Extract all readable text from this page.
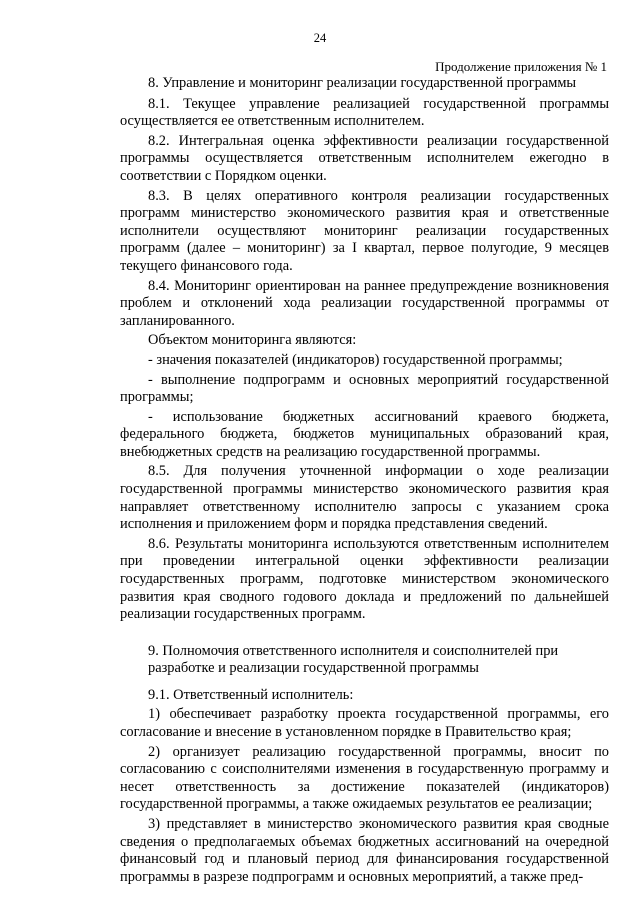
24
Продолжение приложения № 1

8. Управление и мониторинг реализации государственной программы

8.1. Текущее управление реализацией государственной программы осуществляется ее ответственным исполнителем.

8.2. Интегральная оценка эффективности реализации государственной программы осуществляется ответственным исполнителем ежегодно в соответствии с Порядком оценки.

8.3. В целях оперативного контроля реализации государственных программ министерство экономического развития края и ответственные исполнители осуществляют мониторинг реализации государственных программ (далее – мониторинг) за I квартал, первое полугодие, 9 месяцев текущего финансового года.

8.4. Мониторинг ориентирован на раннее предупреждение возникновения проблем и отклонений хода реализации государственной программы от запланированного.

Объектом мониторинга являются:

- значения показателей (индикаторов) государственной программы;

- выполнение подпрограмм и основных мероприятий государственной программы;

- использование бюджетных ассигнований краевого бюджета, федерального бюджета, бюджетов муниципальных образований края, внебюджетных средств на реализацию государственной программы.

8.5. Для получения уточненной информации о ходе реализации государственной программы министерство экономического развития края направляет ответственному исполнителю запросы с указанием срока исполнения и приложением форм и порядка представления сведений.

8.6. Результаты мониторинга используются ответственным исполнителем при проведении интегральной оценки эффективности реализации государственных программ, подготовке министерством экономического развития края сводного годового доклада и предложений по дальнейшей реализации государственных программ.

9. Полномочия ответственного исполнителя и соисполнителей при разработке и реализации государственной программы

9.1. Ответственный исполнитель:

1) обеспечивает разработку проекта государственной программы, его согласование и внесение в установленном порядке в Правительство края;

2) организует реализацию государственной программы, вносит по согласованию с соисполнителями изменения в государственную программу и несет ответственность за достижение показателей (индикаторов) государственной программы, а также ожидаемых результатов ее реализации;

3) представляет в министерство экономического развития края сводные сведения о предполагаемых объемах бюджетных ассигнований на очередной финансовый год и плановый период для финансирования государственной программы в разрезе подпрограмм и основных мероприятий, а также пред-
